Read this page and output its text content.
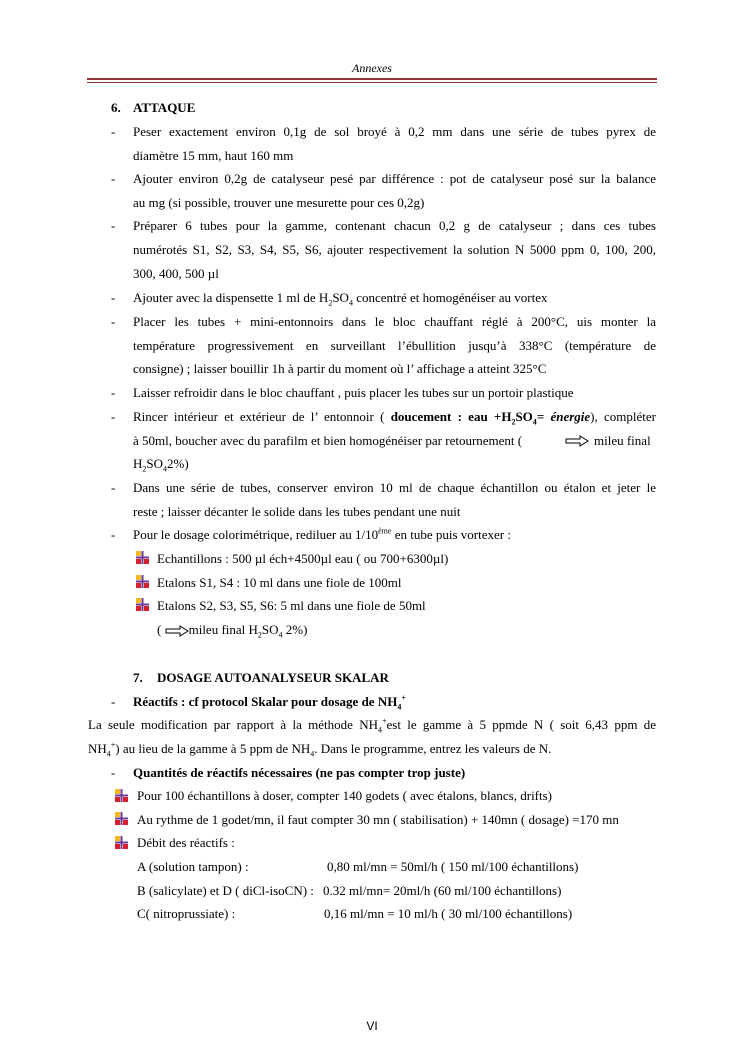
Annexes
6. ATTAQUE
- Peser exactement environ 0,1g de sol broyé à 0,2 mm dans une série de tubes pyrex de
diamètre 15 mm, haut 160 mm
- Ajouter environ 0,2g de catalyseur pesé par différence : pot de catalyseur posé sur la balance
au mg (si possible, trouver une mesurette pour ces 0,2g)
- Préparer 6 tubes pour la gamme, contenant chacun 0,2 g de catalyseur ; dans ces tubes
numérotés S1, S2, S3, S4, S5, S6, ajouter respectivement la solution N 5000 ppm 0, 100, 200,
300, 400, 500 µl
- Ajouter avec la dispensette 1 ml de $H_2SO_4$ concentré et homogénéiser au vortex
- Placer les tubes + mini-entonnoirs dans le bloc chauffant réglé à 200°C, uis monter la
température progressivement en surveillant l’ébullition jusqu’à 338°C (température de
consigne) ; laisser bouillir 1h à partir du moment où l’ affichage a atteint 325°C
- Laisser refroidir dans le bloc chauffant , puis placer les tubes sur un portoir plastique
- Rincer intérieur et extérieur de l’ entonnoir ( doucement : eau $+H_2SO_4=$ énergie), compléter
à 50ml, boucher avec du parafilm et bien homogénéiser par retournement (	mileu final
$H_2SO_42\%$)
- Dans une série de tubes, conserver environ 10 ml de chaque échantillon ou étalon et jeter le
reste ; laisser décanter le solide dans les tubes pendant une nuit
- Pour le dosage colorimétrique, rediluer au 1/10ème en tube puis vortexer :
Echantillons : 500 µl éch+4500µl eau ( ou 700+6300µl)
Etalons S1, S4 : 10 ml dans une fiole de 100ml
Etalons S2, S3, S5, S6: 5 ml dans une fiole de 50ml
( mileu final $H_2SO_4$ 2%)
7. DOSAGE AUTOANALYSEUR SKALAR
- Réactifs : cf protocol Skalar pour dosage de $NH_4^+$
La seule modification par rapport à la méthode $NH_4^+est$ le gamme à 5 ppmde N ( soit 6,43 ppm de
$NH_4^+$) au lieu de la gamme à 5 ppm de $NH_4$. Dans le programme, entrez les valeurs de N.
- Quantités de réactifs nécessaires (ne pas compter trop juste)
Pour 100 échantillons à doser, compter 140 godets ( avec étalons, blancs, drifts)
Au rythme de 1 godet/mn, il faut compter 30 mn ( stabilisation) + 140mn ( dosage) =170 mn
Débit des réactifs :
A (solution tampon) :	0,80 ml/mn = 50ml/h ( 150 ml/100 échantillons)
B (salicylate) et D ( diCl-isoCN) : 0.32 ml/mn= 20ml/h (60 ml/100 échantillons)
C( nitroprussiate) :	0,16 ml/mn = 10 ml/h ( 30 ml/100 échantillons)
VI
